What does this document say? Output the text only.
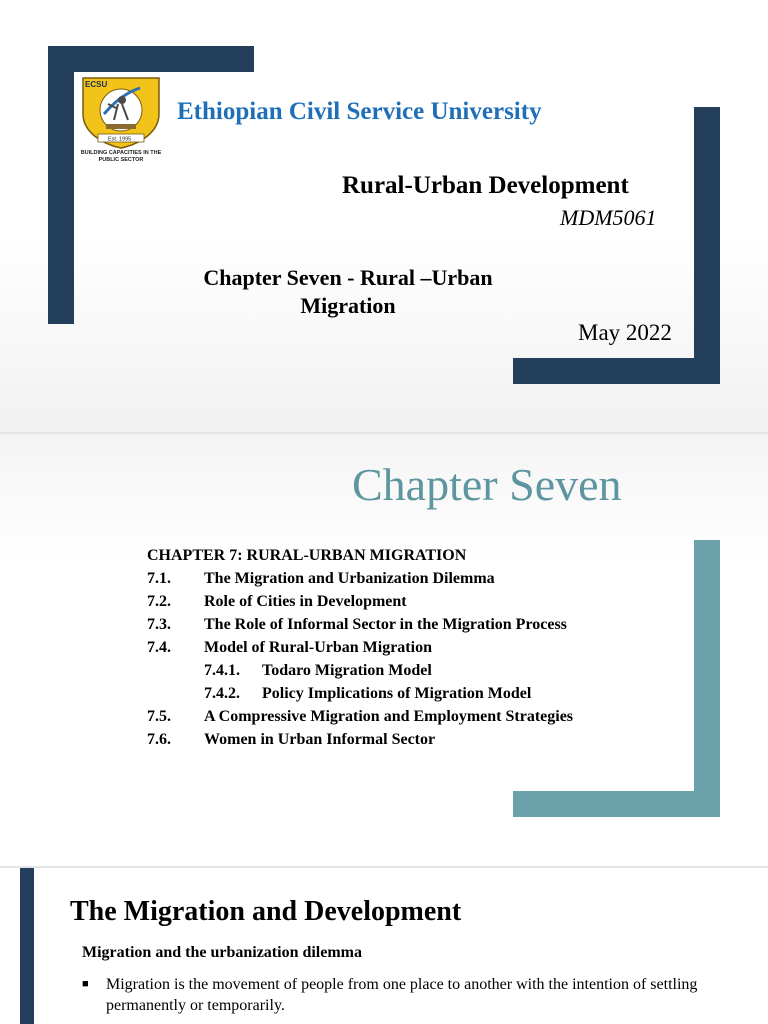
ECSU
Est. 1995
BUILDING CAPACITIES IN THE
PUBLIC SECTOR
Ethiopian Civil Service University
Rural-Urban Development
MDM5061
Chapter Seven - Rural –Urban
Migration
May 2022
Chapter Seven
CHAPTER 7: RURAL-URBAN MIGRATION
7.1.	The Migration and Urbanization Dilemma
7.2.	Role of Cities in Development
7.3.	The Role of Informal Sector in the Migration Process
7.4.	Model of Rural-Urban Migration
7.4.1.	Todaro Migration Model
7.4.2.	Policy Implications of Migration Model
7.5.	A Compressive Migration and Employment Strategies
7.6.	Women in Urban Informal Sector
The Migration and Development
Migration and the urbanization dilemma
■	Migration is the movement of people from one place to another with the intention of settling permanently or temporarily.
